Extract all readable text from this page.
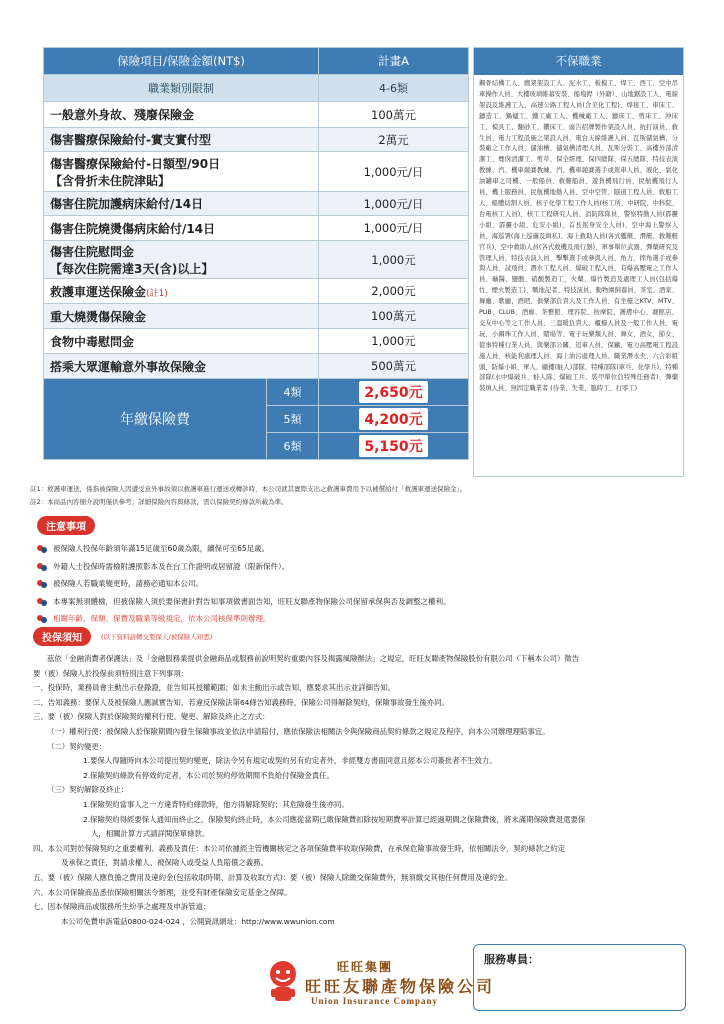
保險項目/保險金額(NT$)		計畫A
職業類別限制		4-6類
一般意外身故、殘廢保險金		100萬元
傷害醫療保險給付-實支實付型		2萬元

傷害醫療保險給付-日額型/90日
【含骨折未住院津貼】		1,000元/日
傷害住院加護病床給付/14日		1,000元/日
傷害住院燒燙傷病床給付/14日		1,000元/日

傷害住院慰問金
【每次住院需達3天(含)以上】		1,000元
救護車運送保險金(註1)		2,000元
重大燒燙傷保險金		100萬元
食物中毒慰問金		1,000元
搭乘大眾運輸意外事故保險金		500萬元
年繳保險費	4類	2,650元
	5類	4,200元
	6類	5,150元
不保職業
鋼骨結構工人、鷹架架設工人、泥水工、板模工、焊工、西工、空中吊車操作人員、大樓玻璃帷幕安裝、船塢銲（外籍）、山地鋸設工人、電線架設及維護工人、高速公路工程人員(含美化工程)、焊接工、車床工、鑄造工、鍋爐工、鐵工廠工人、機械廠工人、鑄床工、剪床工、沖床工、模具工、翻砂工、鑽床工、廣告招牌製作架設人員、抗打演員、救生員、電力工程設施之架設人員、電台天線維護人員、瓦斯儲氣槽、分裝廠之工作人員、儲油槽、儲氣槽清理人員、瓦斯分裝工、高樓外部清潔工、煙囪清潔工、剪草、保全經理、保四總隊、保五總隊、特技表演教練、汽、機車競賽教練、汽、機車競賽選手或駕車人員、液化、氣化油罐車之司機、一般船員、救難船員、遊貨機飛行員、民航機飛行人員、機上服務員、民航機地勤人員、空中空管、隧道工程人員、救船工人、船體切割人員、核子化學工程工作人員(核工所、中研院、中科院、台電核工人員)、核工工程研究人員、消防隊隊員、警察特勤人員(霹靂小組、霹靂小組、危安小組)、首長駕身安全人員)、空中海上警察人員、海巡署(海上巡邏及緝私)、海上救助人員(各式艦艇、潛艇、救難艇官兵)、空中救助人員(各式救機及飛行器)、軍事單位武器、彈藥研究及管理人員、特技表演人員、擊擊選手或參與人員、角力、摔角選手或參與人員、試飛員、潛水工程人員、爆破工程人員、有爆高壓電之工作人員、礦醫、鹽酸、硝酸製造工、火藥、爆竹製造及處理工人員(包括爆竹、煙火製造工)、戰地記者、特技演員、動物園飼養員、茶室、酒家、舞廳、歌廳、酒吧、俱樂部負責人及工作人員、有坐檯之KTV、MTV、PUB、CLUB、酒廊、茶藝館、理容院、按摩院、護膚中心、賽館店、交友中心等之工作人員、三溫暖負責人、櫃檯人員及一般工作人員、電玩、小鋼珠工作人員、賭場等、電子玩樂類人員、舞女、酒女、節女、從事特種行業人員、與樂部公關、追車人員、保鑣、電力高壓電工程設施人員、核能利處理人員、海上油污處理人員、職業潛水夫、六合彩組頭、防爆小組、軍人、顧樓(駐人)部隊、特種部隊(車兵、化學兵)、特種部隊(水中爆破兵、蛙人隊、爆破工兵、裝甲單位負特殊任務者)、彈藥裝填人員、無固定職業者 (待業、失業、臨時工、打零工)
註1：救護車運送，係指被保險人因遭受意外事故須以救護車進行運送或轉診時，本公司就其實際支出之救護車費用予以補償給付「救護車運送保險金」。
註2：本商品內容簡介說明僅供參考；詳細保險內容與條款，需以保險契約條款所載為準。
注意事項
被保險人投保年齡須年滿15足歲至60歲為限，續保可至65足歲。
外籍人士投保時需檢附護照影本及在台工作證明或居留證（限新保件）。
被保險人若職業變更時，請務必通知本公司。
本專案無須體檢，但被保險人須於要保書針對告知事項做書面告知，旺旺友聯產物保險公司保留承保與否及調整之權利。
相關年齡、保額、保費及職業等級規定，依本公司核保準則辦理。
投保須知	(以下資料請轉交要保人/被保險人知悉)

茲依「金融消費者保護法」及「金融服務業提供金融商品或服務前說明契約重要內容及揭露風險辦法」之規定，旺旺友聯產物保險股份有限公司（下稱本公司）徵告

要（被）保險人於投保前須特別注意下列事項：

一、投保時，業務員會主動出示登錄證，並告知其授權範圍；如未主動出示或告知，應要求其出示並詳細告知。

二、告知義務：要保人及被保險人應誠實告知，若違反保險法第64條告知義務時，保險公司得解除契約，保險事故發生後亦同。

三、要（被）保險人對於保險契約權利行使、變更、解除及終止之方式：

（一）權利行使：被保險人於保險期間內發生保險事故並依法申請賠付，應依保險法相關法令與保險商品契約條款之規定及程序，向本公司辦理理賠事宜。

（二）契約變更：

1.要保人得隨時向本公司提出契約變更，除法令另有規定或契約另有約定者外，非經雙方書面同意且經本公司簽批者不生效力。

2.保險契約條款有停效約定者，本公司於契約停效期間不負給付保險金責任。

（三）契約解除及終止：

1.保險契約當事人之一方違背特約條款時，他方得解除契約；其危險發生後亦同。

2.保險契約得經要保人通知而終止之，保險契約終止時，本公司應從當期已繳保險費扣除按短期費率計算已經過期間之保險費後，將未滿期保險費退還要保

人，相關計算方式請詳閱保單條款。

四、本公司對於保險契約之重要權利、義務及責任：本公司依據經主管機關核定之各項保險費率收取保險費，在承保危險事故發生時，依相關法令、契約條款之約定

及承保之責任，對請求權人、被保險人或受益人負賠償之義務。

五、要（被）保險人應負擔之費用及違約金(包括收取時期、計算及收取方式)：要（被）保險人除繳交保險費外，無須繳交其他任何費用及違約金。

六、本公司保險商品悉依保險相關法令辦理，並受有財產保險安定基金之保障。

七、因本保險商品或服務所生紛爭之處理及申訴管道：

本公司免費申訴電話0800-024-024 ，公開資訊網址：http://www.wwunion.com

旺旺集團
旺旺友聯產物保險公司
Union Insurance Company
服務專員：
